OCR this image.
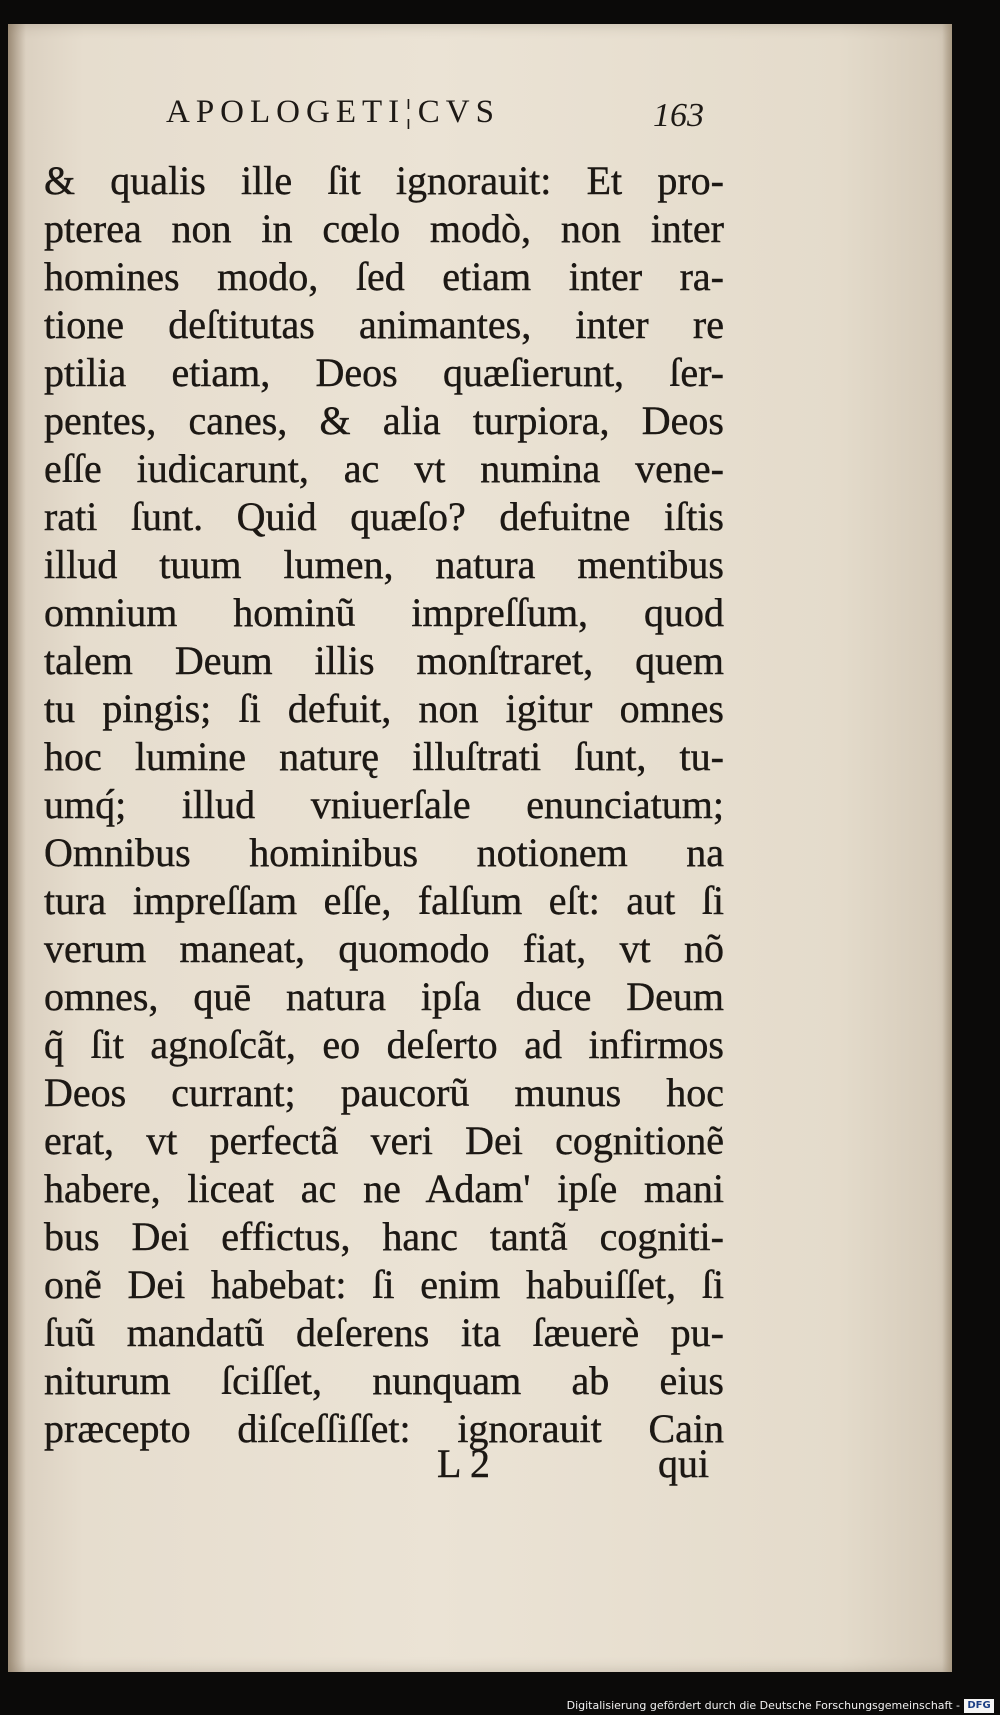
APOLOGETI¦CVS	163
& qualis ille ſit ignorauit: Et pro-
pterea non in cœlo modò, non inter
homines modo, ſed etiam inter ra-
tione deſtitutas animantes, inter re
ptilia etiam, Deos quæſierunt, ſer-
pentes, canes, & alia turpiora, Deos
eſſe iudicarunt, ac vt numina vene-
rati ſunt. Quid quæſo? defuitne iſtis
illud tuum lumen, natura mentibus
omnium hominũ impreſſum, quod
talem Deum illis monſtraret, quem
tu pingis; ſi defuit, non igitur omnes
hoc lumine naturę illuſtrati ſunt, tu-
umq́; illud vniuerſale enunciatum;
Omnibus hominibus notionem na
tura impreſſam eſſe, falſum eſt: aut ſi
verum maneat, quomodo fiat, vt nõ
omnes, quē natura ipſa duce Deum
q̃ ſit agnoſcãt, eo deſerto ad infirmos
Deos currant; paucorũ munus hoc
erat, vt perfectã veri Dei cognitionẽ
habere, liceat ac ne Adam' ipſe mani
bus Dei effictus, hanc tantã cogniti-
onẽ Dei habebat: ſi enim habuiſſet, ſi
ſuũ mandatũ deſerens ita ſæuerè pu-
niturum ſciſſet, nunquam ab eius
præcepto diſceſſiſſet: ignorauit Cain
L 2	qui
Digitalisierung gefördert durch die Deutsche Forschungsgemeinschaft - DFG
